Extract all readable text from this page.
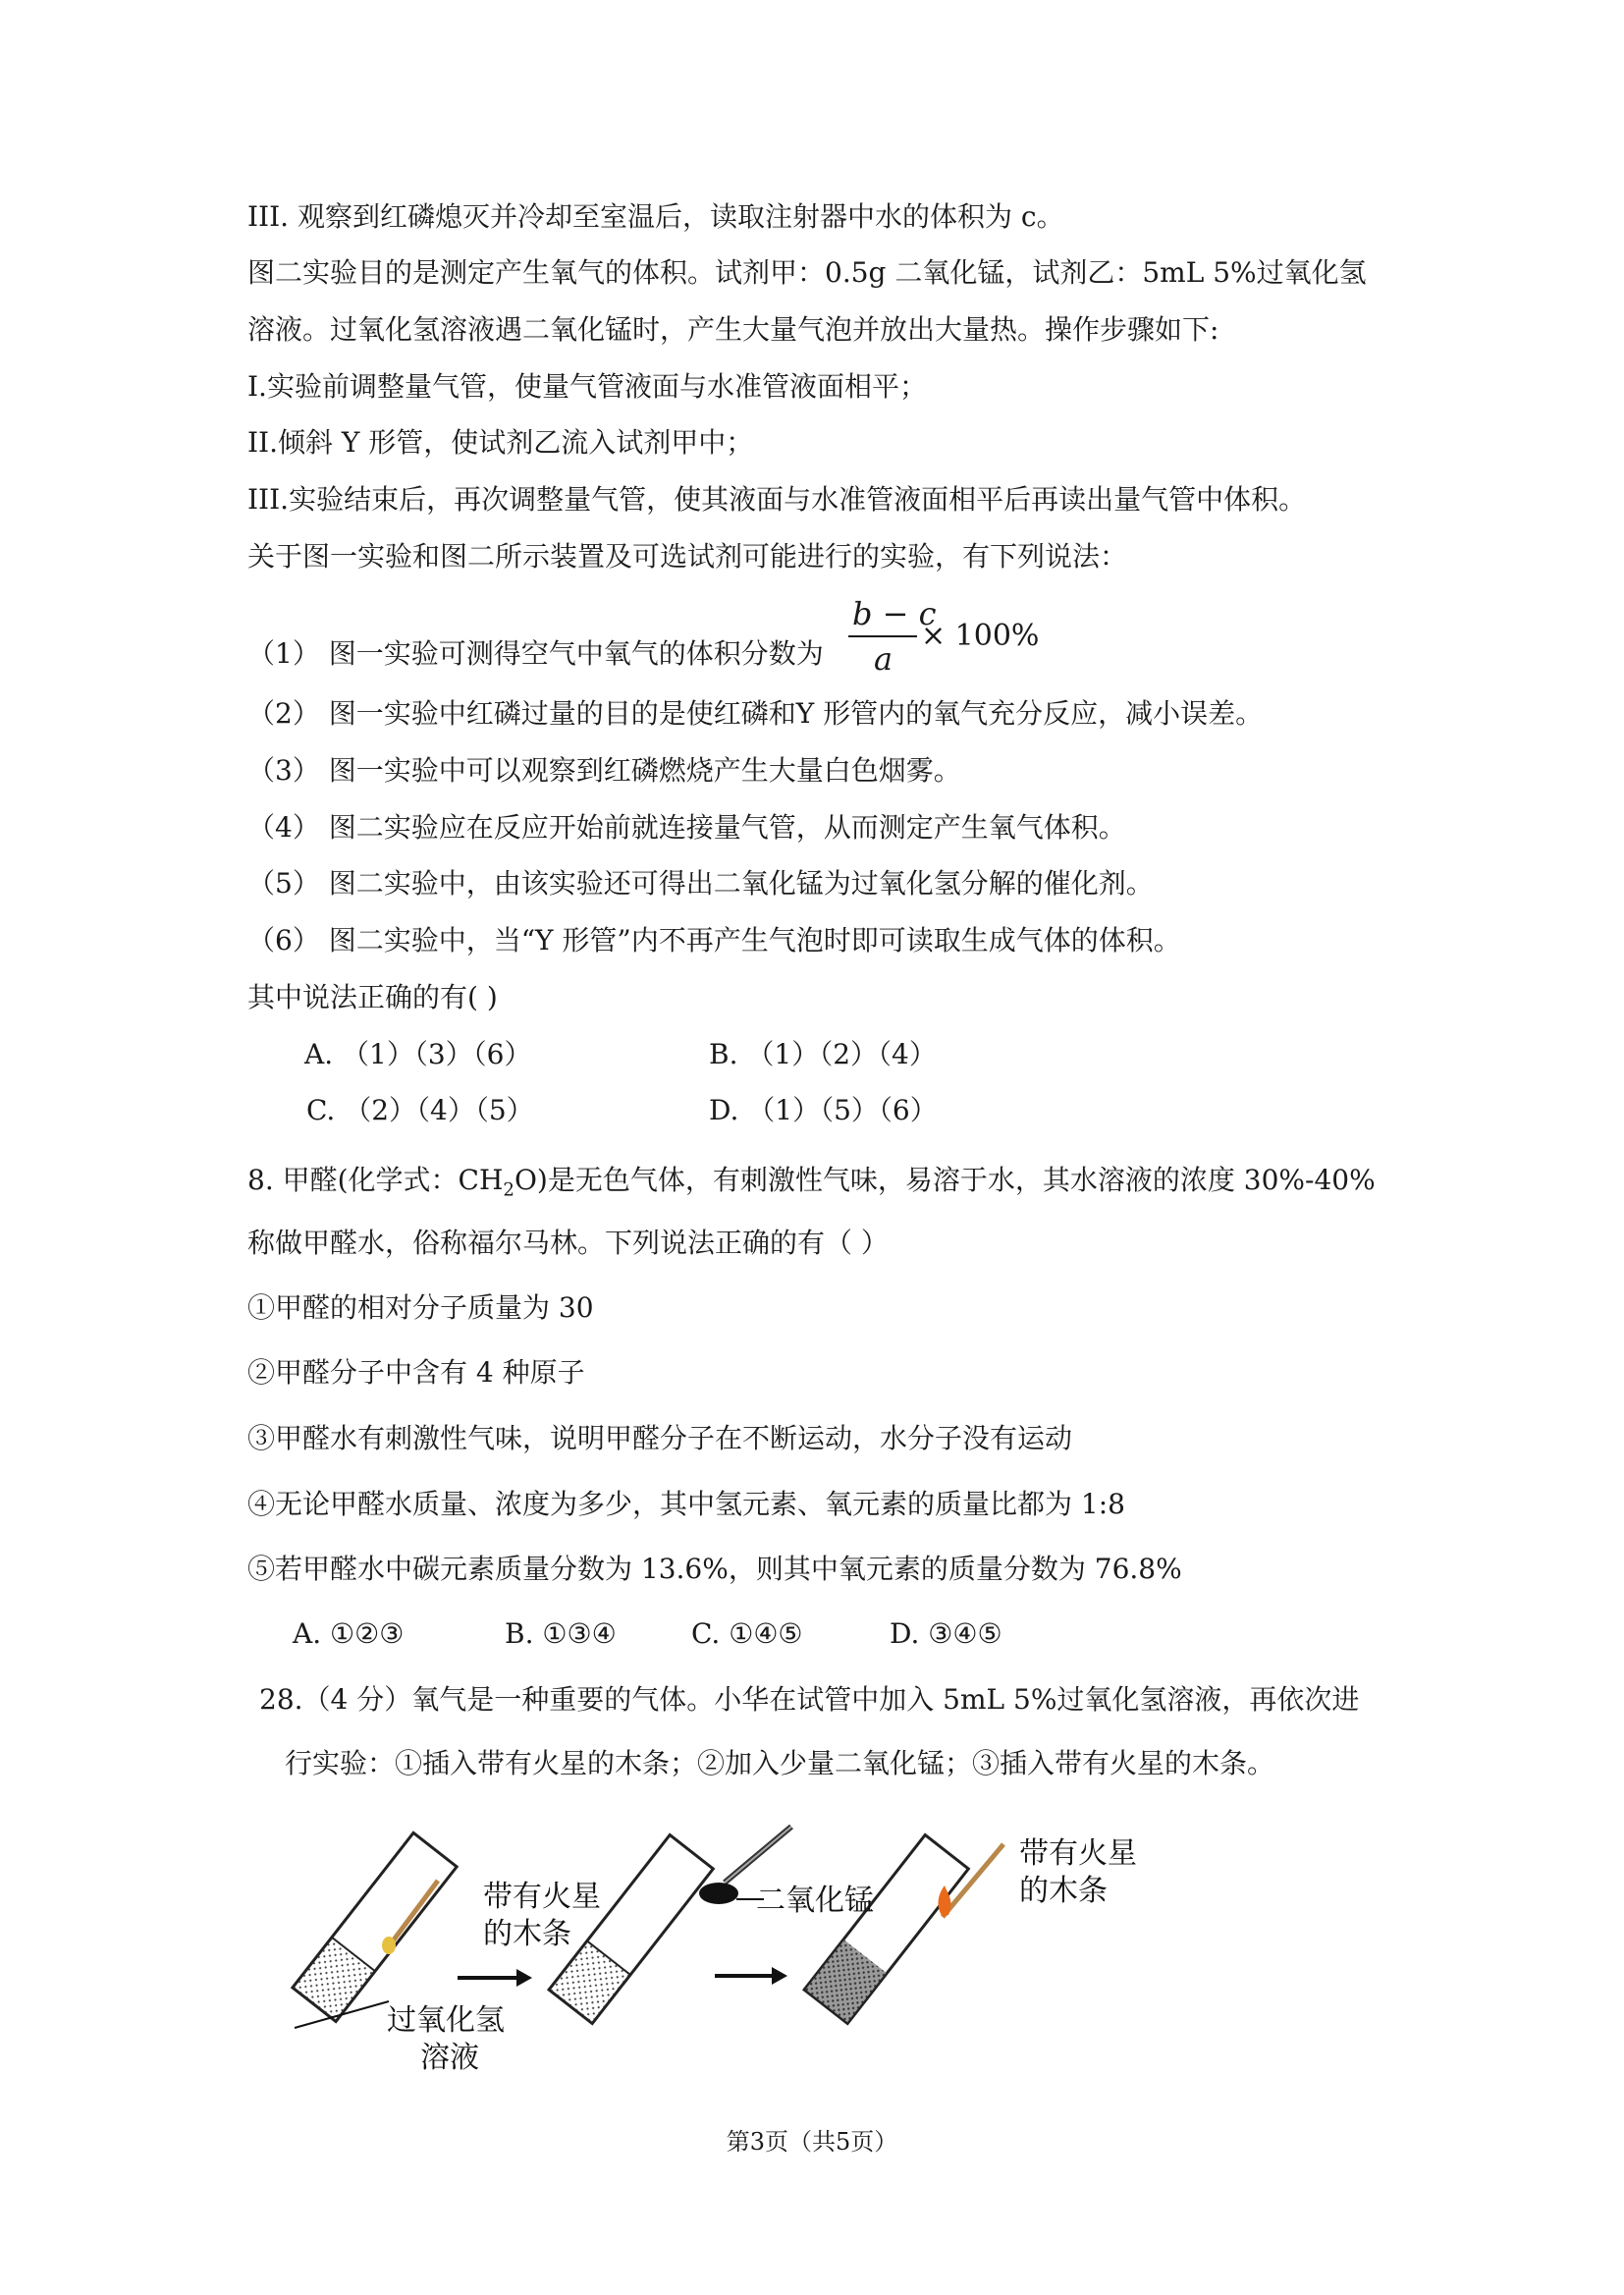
III. 观察到红磷熄灭并冷却至室温后，读取注射器中水的体积为 c。
图二实验目的是测定产生氧气的体积。试剂甲：0.5g 二氧化锰，试剂乙：5mL 5%过氧化氢
溶液。过氧化氢溶液遇二氧化锰时，产生大量气泡并放出大量热。操作步骤如下:
I.实验前调整量气管，使量气管液面与水准管液面相平；
II.倾斜 Y 形管，使试剂乙流入试剂甲中；
III.实验结束后，再次调整量气管，使其液面与水准管液面相平后再读出量气管中体积。
关于图一实验和图二所示装置及可选试剂可能进行的实验，有下列说法：
（1） 图一实验可测得空气中氧气的体积分数为
b − c
a
× 100%
（2） 图一实验中红磷过量的目的是使红磷和Y 形管内的氧气充分反应，减小误差。
（3） 图一实验中可以观察到红磷燃烧产生大量白色烟雾。
（4） 图二实验应在反应开始前就连接量气管，从而测定产生氧气体积。
（5） 图二实验中，由该实验还可得出二氧化锰为过氧化氢分解的催化剂。
（6） 图二实验中，当“Y 形管”内不再产生气泡时即可读取生成气体的体积。
其中说法正确的有( )
A. （1）（3）（6）	B. （1）（2）（4）
C. （2）（4）（5）	D. （1）（5）（6）
8. 甲醛(化学式：$CH_2O$)是无色气体，有刺激性气味，易溶于水，其水溶液的浓度 30%-40%
称做甲醛水，俗称福尔马林。下列说法正确的有（ ）
①甲醛的相对分子质量为 30
②甲醛分子中含有 4 种原子
③甲醛水有刺激性气味，说明甲醛分子在不断运动，水分子没有运动
④无论甲醛水质量、浓度为多少，其中氢元素、氧元素的质量比都为 1:8
⑤若甲醛水中碳元素质量分数为 13.6%，则其中氧元素的质量分数为 76.8%
A. ①②③	B. ①③④	C. ①④⑤	D. ③④⑤
28.（4 分）氧气是一种重要的气体。小华在试管中加入 5mL 5%过氧化氢溶液，再依次进
行实验：①插入带有火星的木条；②加入少量二氧化锰；③插入带有火星的木条。
带有火星
的木条
过氧化氢
溶液
二氧化锰
带有火星
的木条
第3页（共5页）
